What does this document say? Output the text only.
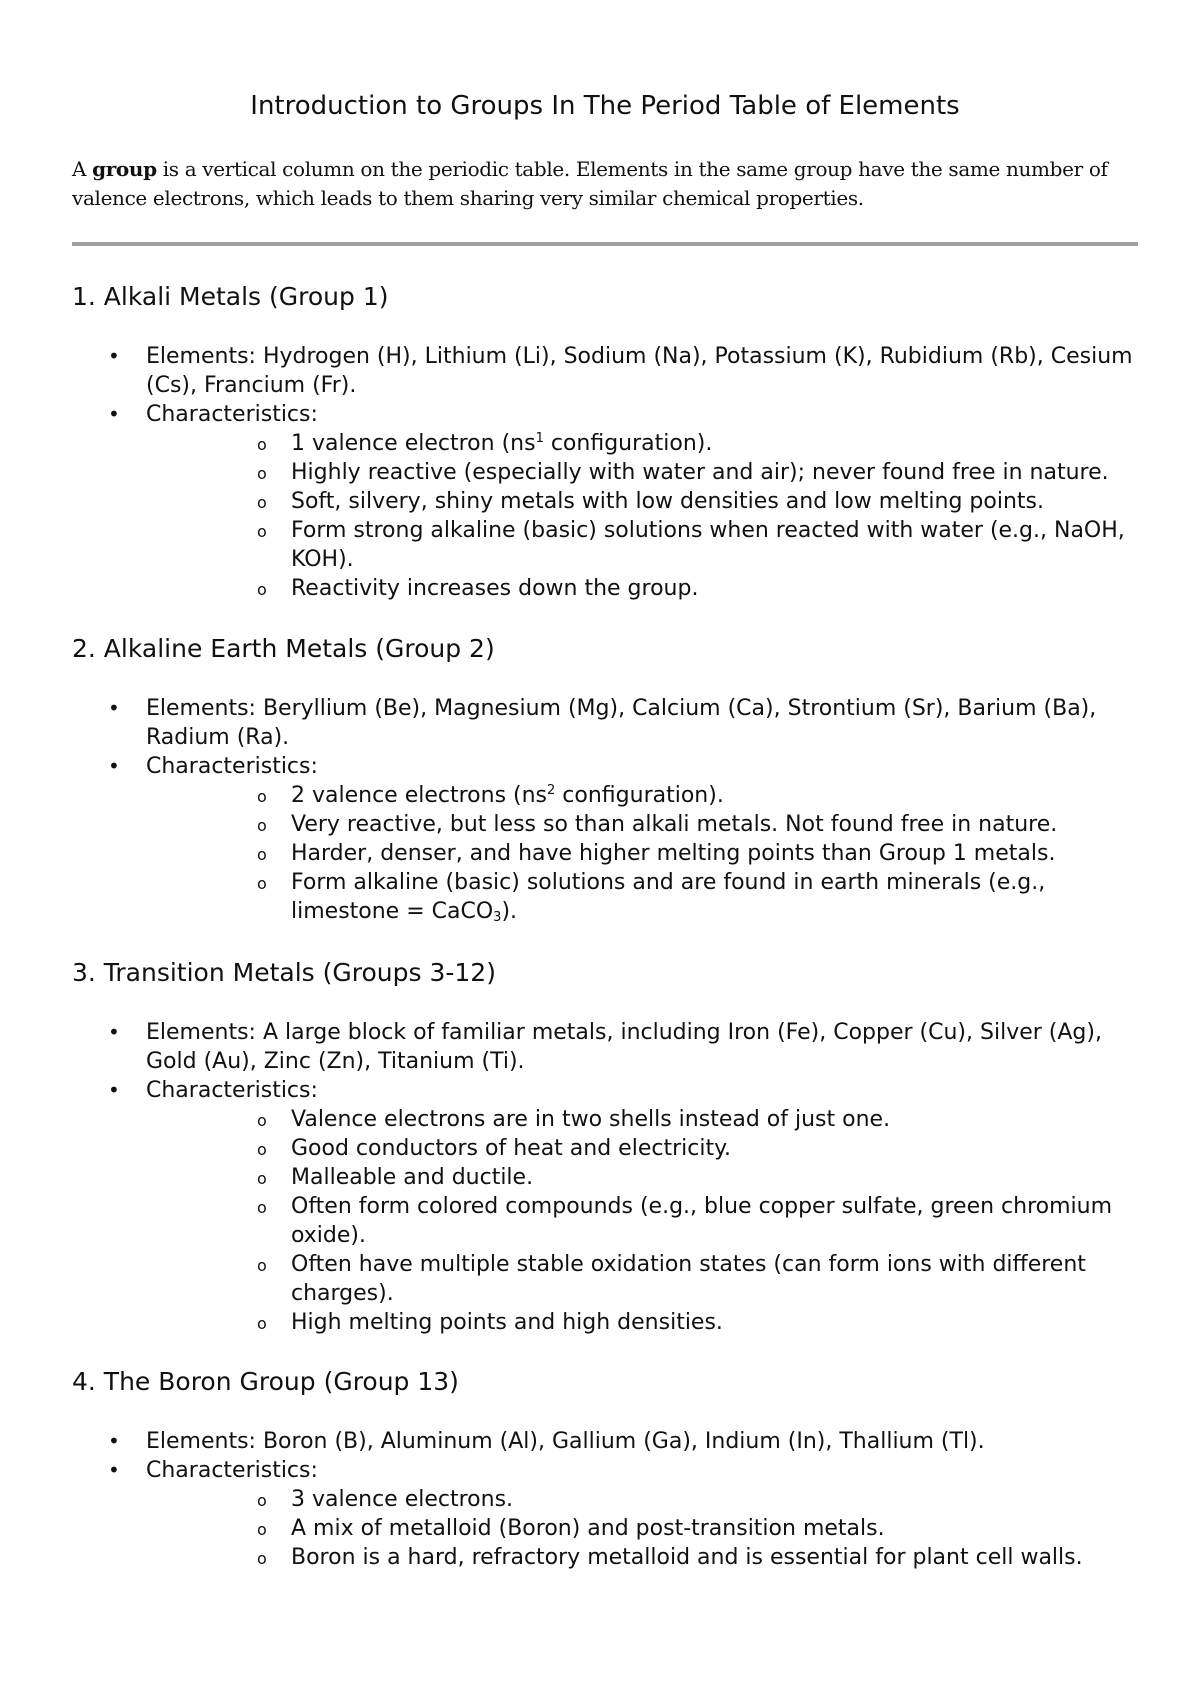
Introduction to Groups In The Period Table of Elements

A group is a vertical column on the periodic table. Elements in the same group have the same number of valence electrons, which leads to them sharing very similar chemical properties.

1. Alkali Metals (Group 1)
• Elements: Hydrogen (H), Lithium (Li), Sodium (Na), Potassium (K), Rubidium (Rb), Cesium (Cs), Francium (Fr).
• Characteristics:
o	1 valence electron ($ns^1$ configuration).
o	Highly reactive (especially with water and air); never found free in nature.
o	Soft, silvery, shiny metals with low densities and low melting points.
o	Form strong alkaline (basic) solutions when reacted with water (e.g., NaOH, KOH).
o	Reactivity increases down the group.
2. Alkaline Earth Metals (Group 2)
• Elements: Beryllium (Be), Magnesium (Mg), Calcium (Ca), Strontium (Sr), Barium (Ba), Radium (Ra).
• Characteristics:
o	2 valence electrons ($ns^2$ configuration).
o	Very reactive, but less so than alkali metals. Not found free in nature.
o	Harder, denser, and have higher melting points than Group 1 metals.
o	Form alkaline (basic) solutions and are found in earth minerals (e.g., limestone = CaCO$_3$).
3. Transition Metals (Groups 3-12)
• Elements: A large block of familiar metals, including Iron (Fe), Copper (Cu), Silver (Ag), Gold (Au), Zinc (Zn), Titanium (Ti).
• Characteristics:
o	Valence electrons are in two shells instead of just one.
o	Good conductors of heat and electricity.
o	Malleable and ductile.
o	Often form colored compounds (e.g., blue copper sulfate, green chromium oxide).
o	Often have multiple stable oxidation states (can form ions with different charges).
o	High melting points and high densities.
4. The Boron Group (Group 13)
• Elements: Boron (B), Aluminum (Al), Gallium (Ga), Indium (In), Thallium (Tl).
• Characteristics:
o	3 valence electrons.
o	A mix of metalloid (Boron) and post-transition metals.
o	Boron is a hard, refractory metalloid and is essential for plant cell walls.
